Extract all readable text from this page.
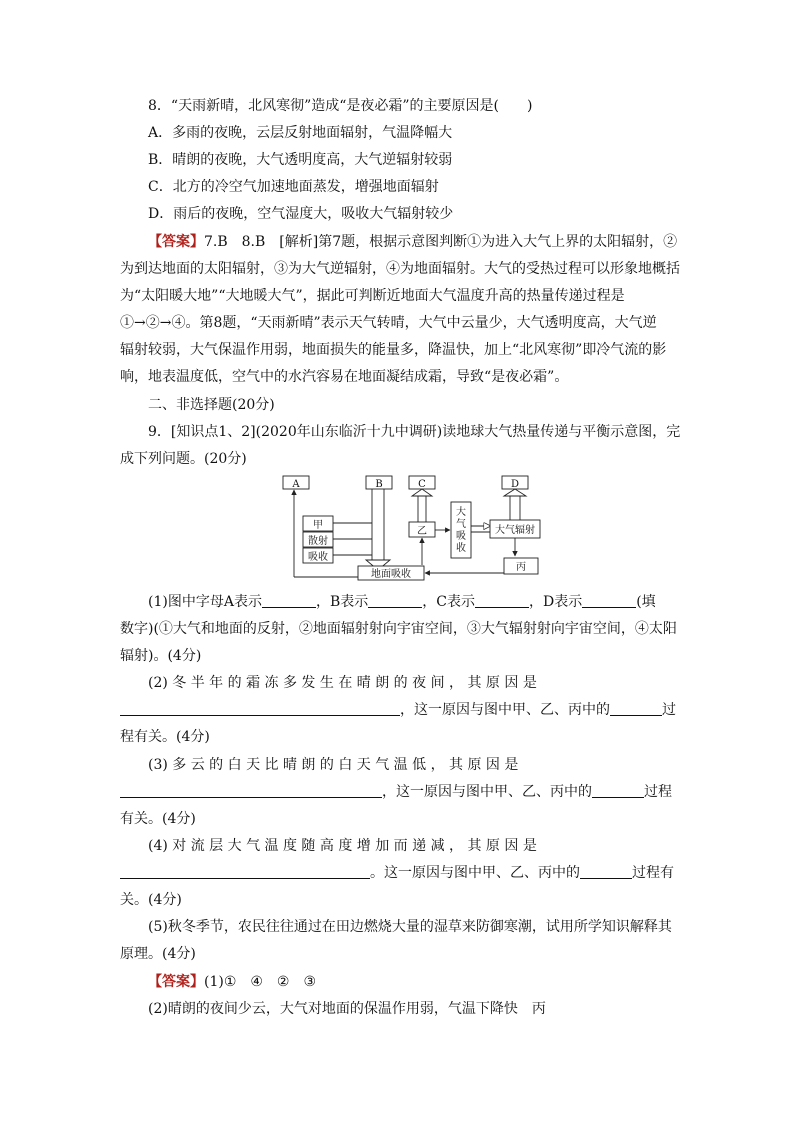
8．“天雨新晴，北风寒彻”造成“是夜必霜”的主要原因是(　　)
A．多雨的夜晚，云层反射地面辐射，气温降幅大
B．晴朗的夜晚，大气透明度高，大气逆辐射较弱
C．北方的冷空气加速地面蒸发，增强地面辐射
D．雨后的夜晚，空气湿度大，吸收大气辐射较少
【答案】7.B　8.B　[解析]第7题，根据示意图判断①为进入大气上界的太阳辐射，②
为到达地面的太阳辐射，③为大气逆辐射，④为地面辐射。大气的受热过程可以形象地概括
为“太阳暖大地”“大地暖大气”，据此可判断近地面大气温度升高的热量传递过程是
①→②→④。第8题，“天雨新晴”表示天气转晴，大气中云量少，大气透明度高，大气逆
辐射较弱，大气保温作用弱，地面损失的能量多，降温快，加上“北风寒彻”即冷气流的影
响，地表温度低，空气中的水汽容易在地面凝结成霜，导致“是夜必霜”。
二、非选择题(20分)
9．[知识点1、2](2020年山东临沂十九中调研)读地球大气热量传递与平衡示意图，完
成下列问题。(20分)
A	B	C	D
甲
散射
吸收
乙
大
气
吸
收
大气辐射
地面吸收
丙
(1)图中字母A表示	，B表示	，C表示	，D表示	(填
数字)(①大气和地面的反射，②地面辐射射向宇宙空间，③大气辐射射向宇宙空间，④太阳
辐射)。(4分)
(2) 冬 半 年 的 霜 冻 多 发 生 在 晴 朗 的 夜 间 ， 其 原 因 是
，这一原因与图中甲、乙、丙中的	过
程有关。(4分)
(3) 多 云 的 白 天 比 晴 朗 的 白 天 气 温 低 ， 其 原 因 是
，这一原因与图中甲、乙、丙中的	过程
有关。(4分)
(4) 对 流 层 大 气 温 度 随 高 度 增 加 而 递 减 ， 其 原 因 是
。这一原因与图中甲、乙、丙中的	过程有
关。(4分)
(5)秋冬季节，农民往往通过在田边燃烧大量的湿草来防御寒潮，试用所学知识解释其
原理。(4分)
【答案】(1)①　④　②　③
(2)晴朗的夜间少云，大气对地面的保温作用弱，气温下降快　丙
